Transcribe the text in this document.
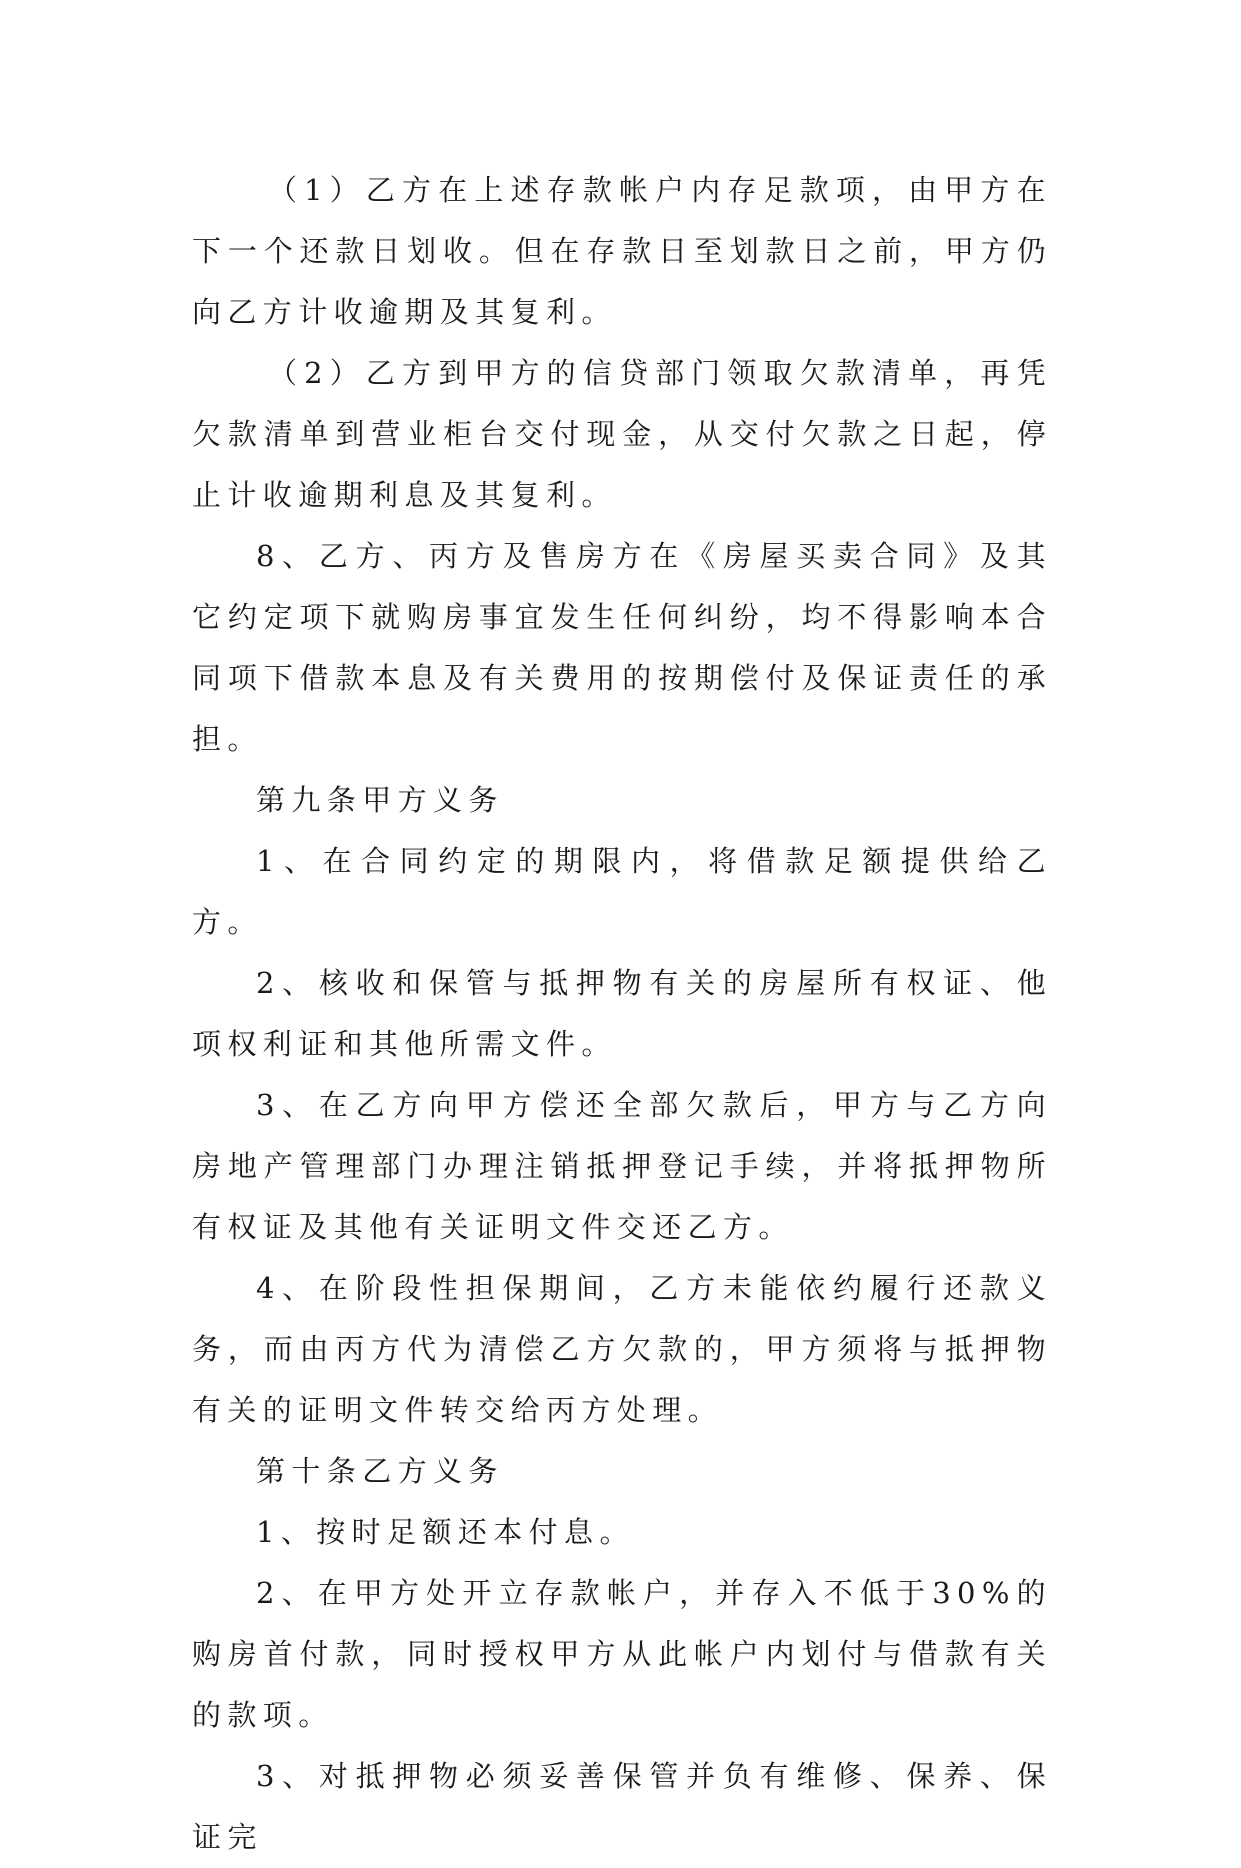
（1）乙方在上述存款帐户内存足款项，由甲方在下一个还款日划收。但在存款日至划款日之前，甲方仍向乙方计收逾期及其复利。

（2）乙方到甲方的信贷部门领取欠款清单，再凭欠款清单到营业柜台交付现金，从交付欠款之日起，停止计收逾期利息及其复利。

8、乙方、丙方及售房方在《房屋买卖合同》及其它约定项下就购房事宜发生任何纠纷，均不得影响本合同项下借款本息及有关费用的按期偿付及保证责任的承担。

第九条甲方义务

1、在合同约定的期限内，将借款足额提供给乙方。

2、核收和保管与抵押物有关的房屋所有权证、他项权利证和其他所需文件。

3、在乙方向甲方偿还全部欠款后，甲方与乙方向房地产管理部门办理注销抵押登记手续，并将抵押物所有权证及其他有关证明文件交还乙方。

4、在阶段性担保期间，乙方未能依约履行还款义务，而由丙方代为清偿乙方欠款的，甲方须将与抵押物有关的证明文件转交给丙方处理。

第十条乙方义务

1、按时足额还本付息。

2、在甲方处开立存款帐户，并存入不低于30%的购房首付款，同时授权甲方从此帐户内划付与借款有关的款项。

3、对抵押物必须妥善保管并负有维修、保养、保证完
